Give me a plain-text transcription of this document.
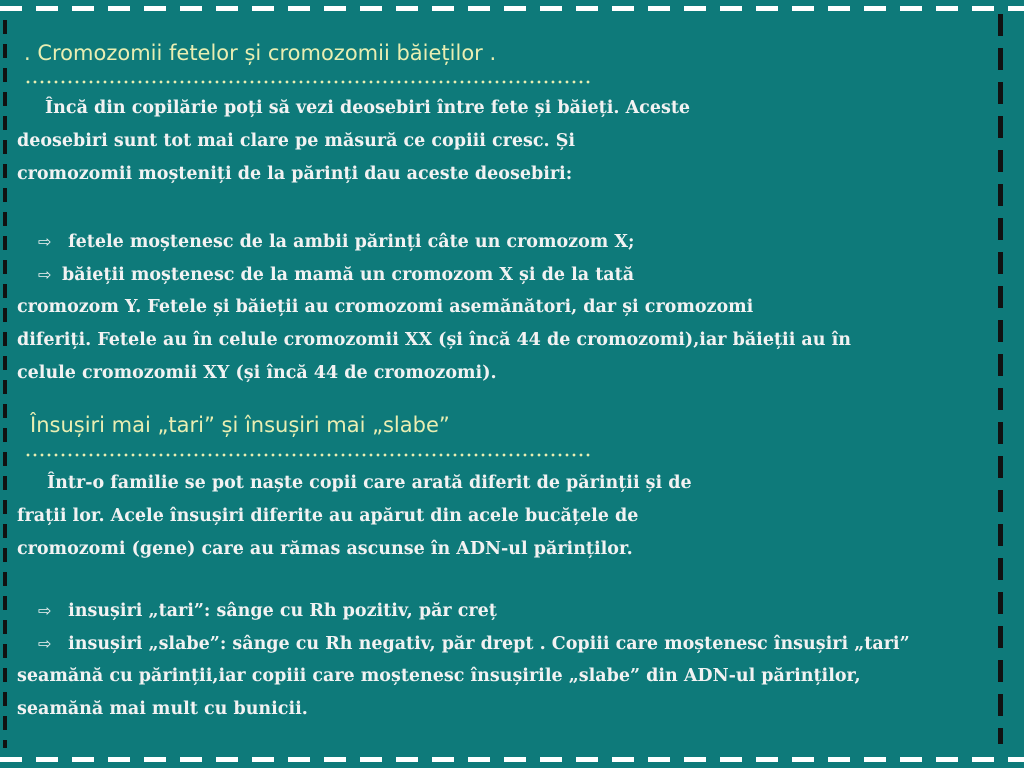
. Cromozomii fetelor și cromozomii băieților .
Încă din copilărie poți să vezi deosebiri între fete și băieți. Aceste
deosebiri sunt tot mai clare pe măsură ce copiii cresc. Și
cromozomii moșteniți de la părinți dau aceste deosebiri:
⇨ fetele moștenesc de la ambii părinți câte un cromozom X;
⇨ băieții moștenesc de la mamă un cromozom X și de la tată
cromozom Y. Fetele și băieții au cromozomi asemănători, dar și cromozomi
diferiți. Fetele au în celule cromozomii XX (și încă 44 de cromozomi),iar băieții au în
celule cromozomii XY (și încă 44 de cromozomi).
Însușiri mai „tari” și însușiri mai „slabe”
Într-o familie se pot naște copii care arată diferit de părinții și de
frații lor. Acele însușiri diferite au apărut din acele bucățele de
cromozomi (gene) care au rămas ascunse în ADN-ul părinților.
⇨ insușiri „tari”: sânge cu Rh pozitiv, păr creț
⇨ insușiri „slabe”: sânge cu Rh negativ, păr drept . Copiii care moștenesc însușiri „tari”
seamănă cu părinții,iar copiii care moștenesc însușirile „slabe” din ADN-ul părinților,
seamănă mai mult cu bunicii.
